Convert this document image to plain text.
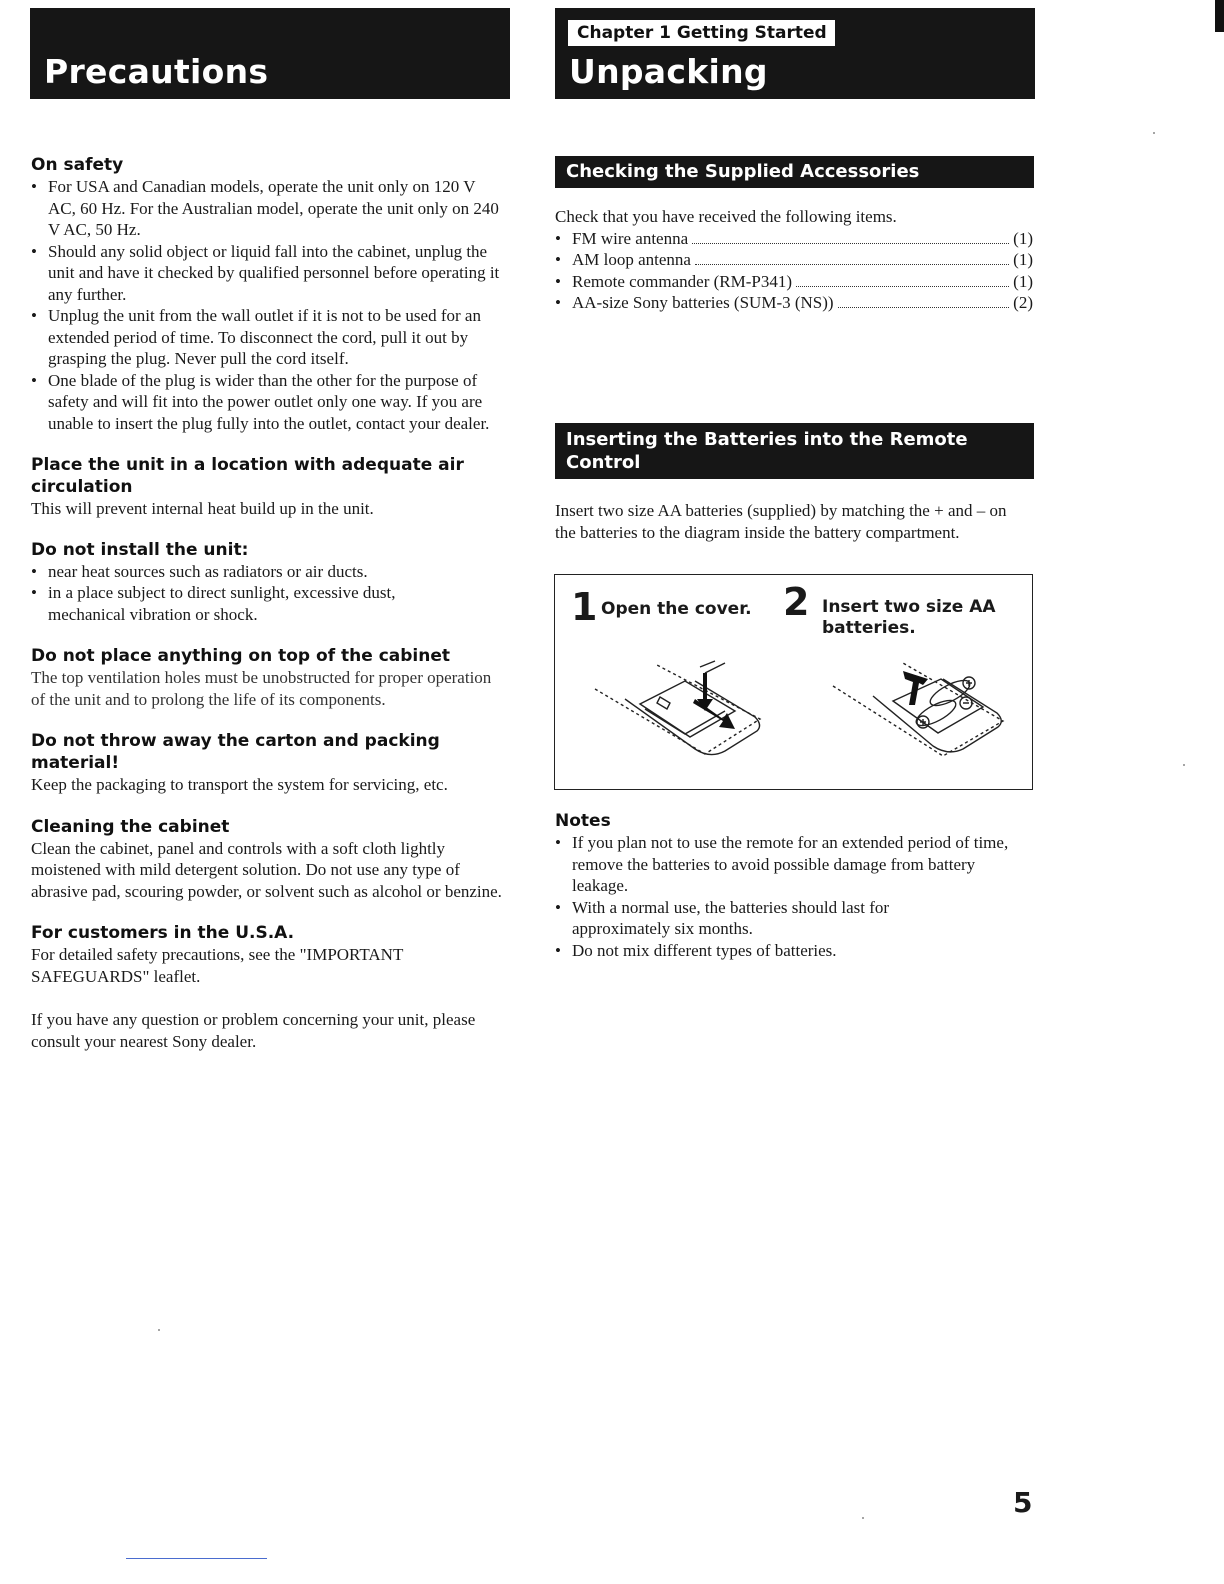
Precautions
Chapter 1 Getting Started
Unpacking
On safety
• For USA and Canadian models, operate the unit only on 120 V AC, 60 Hz. For the Australian model, operate the unit only on 240 V AC, 50 Hz.
• Should any solid object or liquid fall into the cabinet, unplug the unit and have it checked by qualified personnel before operating it any further.
• Unplug the unit from the wall outlet if it is not to be used for an extended period of time. To disconnect the cord, pull it out by grasping the plug. Never pull the cord itself.
• One blade of the plug is wider than the other for the purpose of safety and will fit into the power outlet only one way. If you are unable to insert the plug fully into the outlet, contact your dealer.
Place the unit in a location with adequate air circulation

This will prevent internal heat build up in the unit.

Do not install the unit:
• near heat sources such as radiators or air ducts.
• in a place subject to direct sunlight, excessive dust, mechanical vibration or shock.
Do not place anything on top of the cabinet

The top ventilation holes must be unobstructed for proper operation of the unit and to prolong the life of its components.

Do not throw away the carton and packing material!

Keep the packaging to transport the system for servicing, etc.

Cleaning the cabinet

Clean the cabinet, panel and controls with a soft cloth lightly moistened with mild detergent solution. Do not use any type of abrasive pad, scouring powder, or solvent such as alcohol or benzine.

For customers in the U.S.A.

For detailed safety precautions, see the "IMPORTANT SAFEGUARDS" leaflet.

If you have any question or problem concerning your unit, please consult your nearest Sony dealer.

Checking the Supplied Accessories

Check that you have received the following items.

• FM wire antenna	(1)
• AM loop antenna	(1)
• Remote commander (RM-P341)	(1)
• AA-size Sony batteries (SUM-3 (NS))	(2)
Inserting the Batteries into the Remote Control

Insert two size AA batteries (supplied) by matching the + and – on the batteries to the diagram inside the battery compartment.

1 Open the cover. 2 Insert two size AA batteries.
Notes
• If you plan not to use the remote for an extended period of time, remove the batteries to avoid possible damage from battery leakage.
• With a normal use, the batteries should last for approximately six months.
• Do not mix different types of batteries.
5
